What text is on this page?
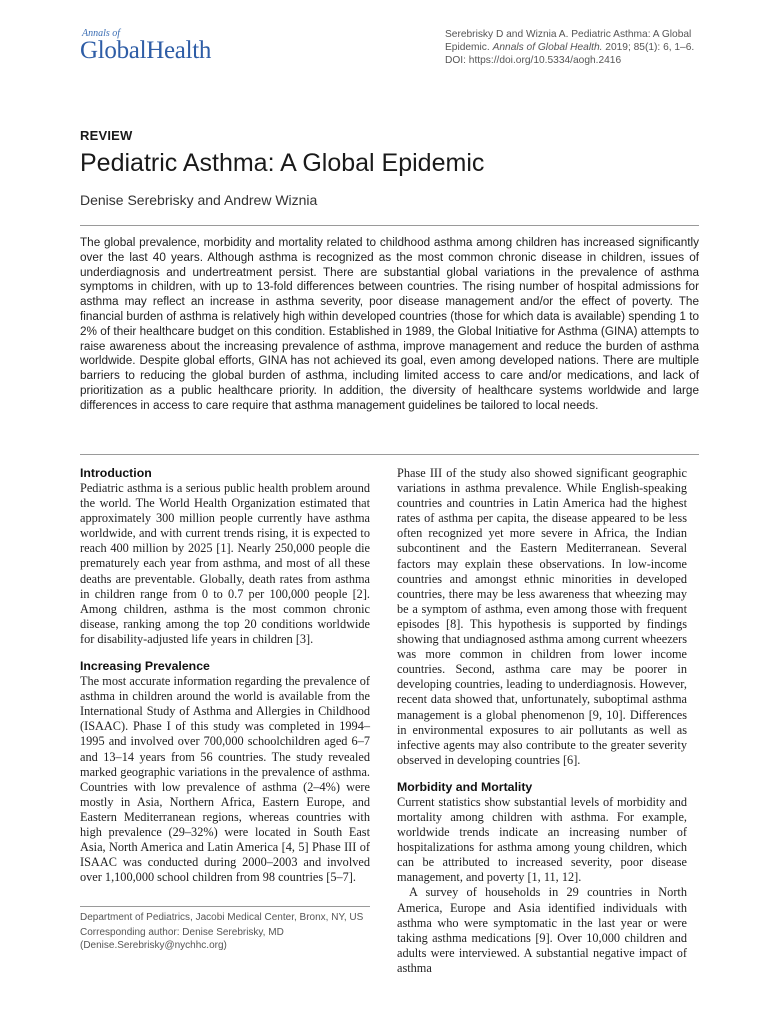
Annals of
GlobalHealth
Serebrisky D and Wiznia A. Pediatric Asthma: A Global
Epidemic. Annals of Global Health. 2019; 85(1): 6, 1–6.
DOI: https://doi.org/10.5334/aogh.2416
REVIEW
Pediatric Asthma: A Global Epidemic
Denise Serebrisky and Andrew Wiznia
The global prevalence, morbidity and mortality related to childhood asthma among children has increased significantly over the last 40 years. Although asthma is recognized as the most common chronic disease in children, issues of underdiagnosis and undertreatment persist. There are substantial global variations in the prevalence of asthma symptoms in children, with up to 13-fold differences between countries. The rising number of hospital admissions for asthma may reflect an increase in asthma severity, poor disease management and/or the effect of poverty. The financial burden of asthma is relatively high within developed countries (those for which data is available) spending 1 to 2% of their healthcare budget on this condition. Established in 1989, the Global Initiative for Asthma (GINA) attempts to raise awareness about the increasing prevalence of asthma, improve management and reduce the burden of asthma worldwide. Despite global efforts, GINA has not achieved its goal, even among developed nations. There are multiple barriers to reducing the global burden of asthma, including limited access to care and/or medications, and lack of prioritization as a public healthcare priority. In addition, the diversity of healthcare systems worldwide and large differences in access to care require that asthma management guidelines be tailored to local needs.
Introduction

Pediatric asthma is a serious public health problem around the world. The World Health Organization estimated that approximately 300 million people currently have asthma worldwide, and with current trends rising, it is expected to reach 400 million by 2025 [1]. Nearly 250,000 people die prematurely each year from asthma, and most of all these deaths are preventable. Globally, death rates from asthma in children range from 0 to 0.7 per 100,000 people [2]. Among children, asthma is the most common chronic disease, ranking among the top 20 conditions worldwide for disability-adjusted life years in children [3].

Increasing Prevalence

The most accurate information regarding the prevalence of asthma in children around the world is available from the International Study of Asthma and Allergies in Childhood (ISAAC). Phase I of this study was completed in 1994–1995 and involved over 700,000 schoolchildren aged 6–7 and 13–14 years from 56 countries. The study revealed marked geographic variations in the prevalence of asthma. Countries with low prevalence of asthma (2–4%) were mostly in Asia, Northern Africa, Eastern Europe, and Eastern Mediterranean regions, whereas countries with high prevalence (29–32%) were located in South East Asia, North America and Latin America [4, 5] Phase III of ISAAC was conducted during 2000–2003 and involved over 1,100,000 school children from 98 countries [5–7].

Phase III of the study also showed significant geographic variations in asthma prevalence. While English-speaking countries and countries in Latin America had the highest rates of asthma per capita, the disease appeared to be less often recognized yet more severe in Africa, the Indian subcontinent and the Eastern Mediterranean. Several factors may explain these observations. In low-income countries and amongst ethnic minorities in developed countries, there may be less awareness that wheezing may be a symptom of asthma, even among those with frequent episodes [8]. This hypothesis is supported by findings showing that undiagnosed asthma among current wheezers was more common in children from lower income countries. Second, asthma care may be poorer in developing countries, leading to underdiagnosis. However, recent data showed that, unfortunately, suboptimal asthma management is a global phenomenon [9, 10]. Differences in environmental exposures to air pollutants as well as infective agents may also contribute to the greater severity observed in developing countries [6].

Morbidity and Mortality

Current statistics show substantial levels of morbidity and mortality among children with asthma. For example, worldwide trends indicate an increasing number of hospitalizations for asthma among young children, which can be attributed to increased severity, poor disease management, and poverty [1, 11, 12].

A survey of households in 29 countries in North America, Europe and Asia identified individuals with asthma who were symptomatic in the last year or were taking asthma medications [9]. Over 10,000 children and adults were interviewed. A substantial negative impact of asthma

Department of Pediatrics, Jacobi Medical Center, Bronx, NY, US

Corresponding author: Denise Serebrisky, MD

(Denise.Serebrisky@nychhc.org)
